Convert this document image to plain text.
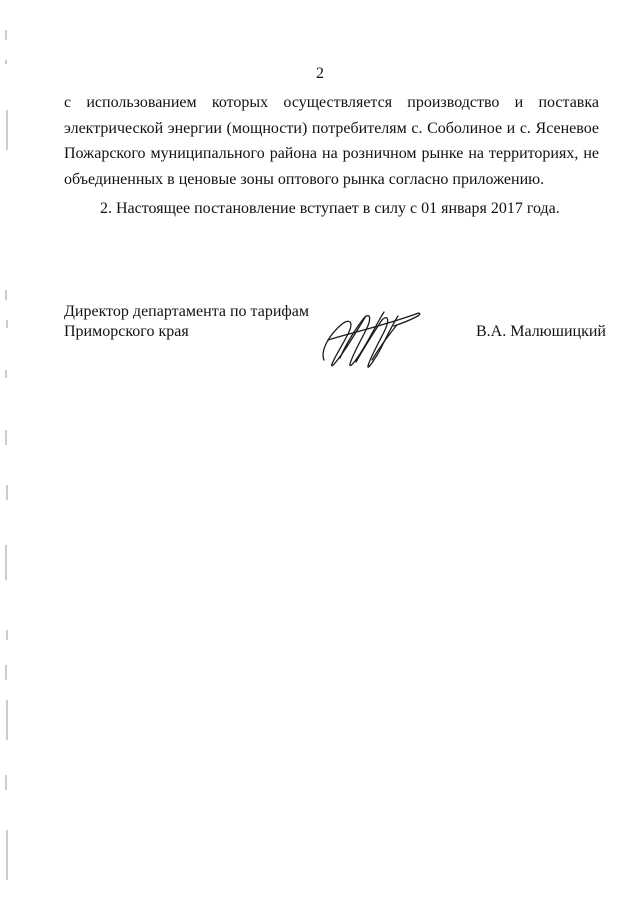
2
с использованием которых осуществляется производство и поставка
электрической энергии (мощности) потребителям с. Соболиное и с. Ясеневое
Пожарского муниципального района на розничном рынке на территориях, не
объединенных в ценовые зоны оптового рынка согласно приложению.
2. Настоящее постановление вступает в силу с 01 января 2017 года.
Директор департамента по тарифам
Приморского края	В.А. Малюшицкий
